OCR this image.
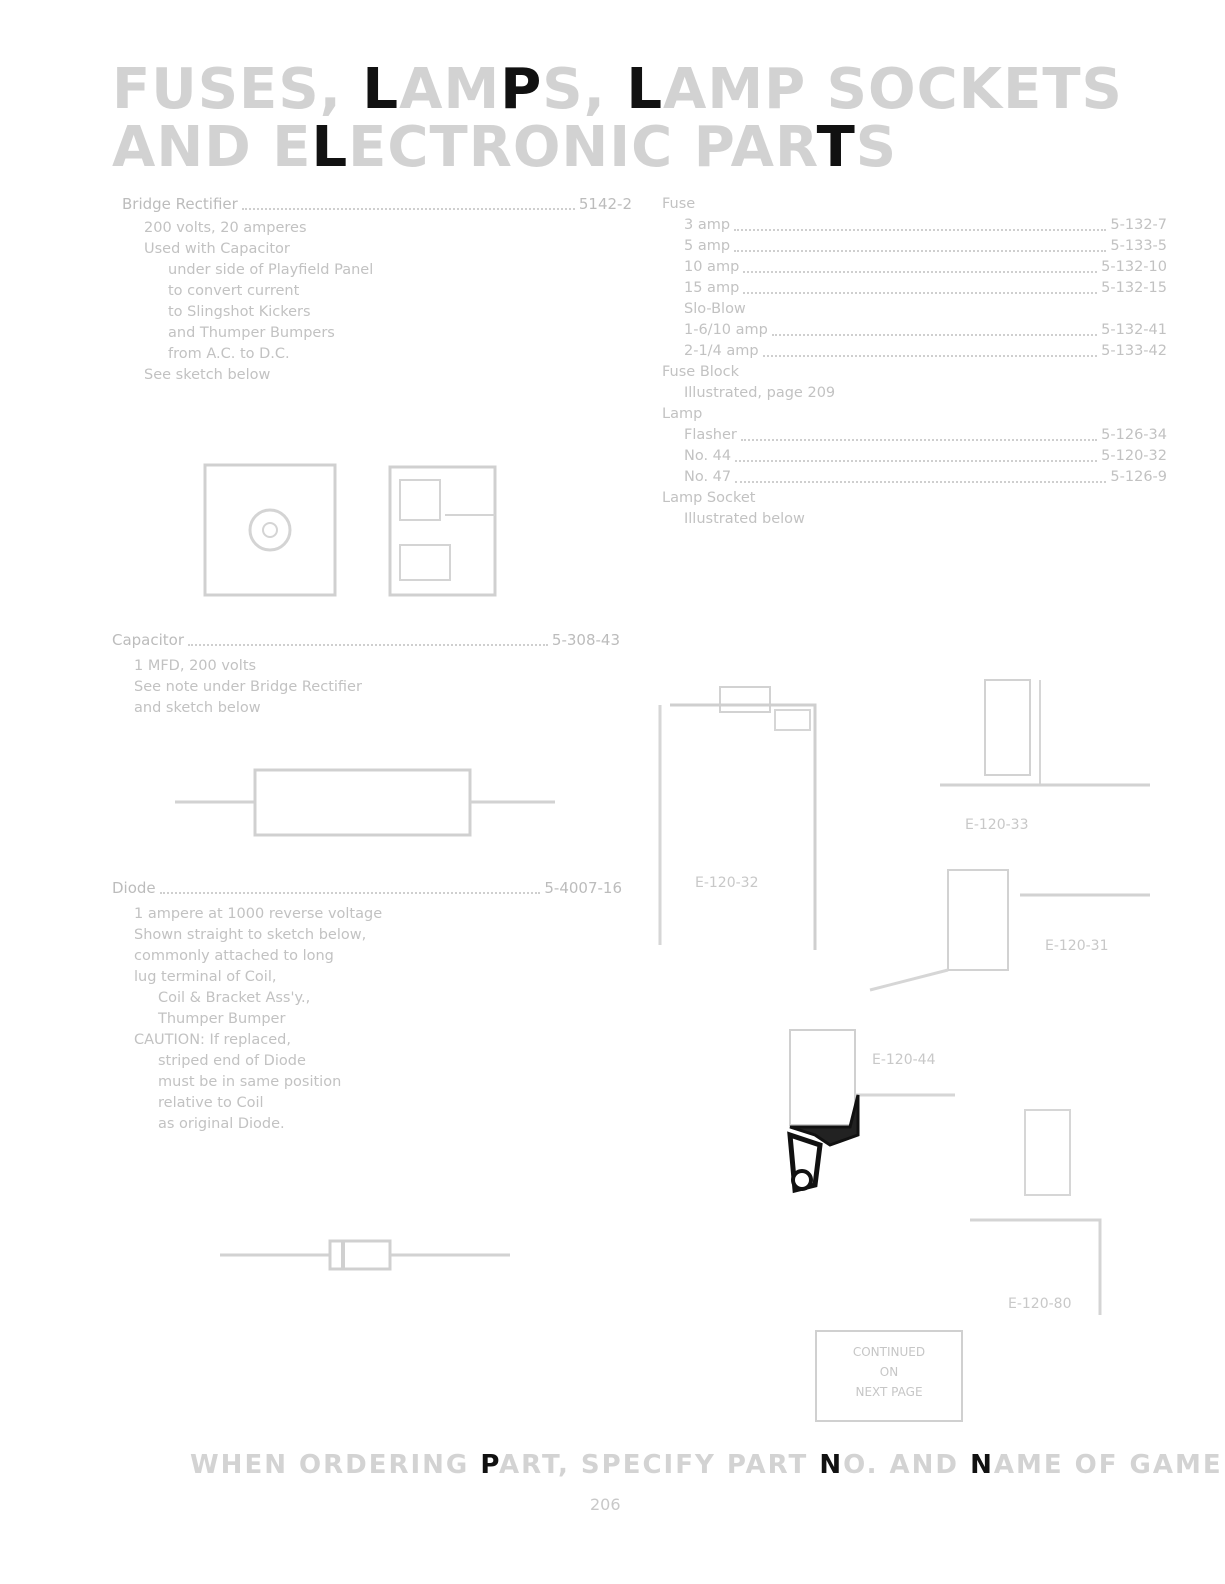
FUSES, LAMPS, LAMP SOCKETS
AND ELECTRONIC PARTS
Bridge Rectifier	5142-2
200 volts, 20 amperes
Used with Capacitor
under side of Playfield Panel
to convert current
to Slingshot Kickers
and Thumper Bumpers
from A.C. to D.C.
See sketch below
Capacitor	5-308-43
1 MFD, 200 volts
See note under Bridge Rectifier
and sketch below
Diode	5-4007-16
1 ampere at 1000 reverse voltage
Shown straight to sketch below,
commonly attached to long
lug terminal of Coil,
Coil & Bracket Ass'y.,
Thumper Bumper
CAUTION: If replaced,
striped end of Diode
must be in same position
relative to Coil
as original Diode.
Fuse
3 amp	5-132-7
5 amp	5-133-5
10 amp	5-132-10
15 amp	5-132-15
Slo-Blow
1-6/10 amp	5-132-41
2-1/4 amp	5-133-42
Fuse Block
Illustrated, page 209
Lamp
Flasher	5-126-34
No. 44	5-120-32
No. 47	5-126-9
Lamp Socket
Illustrated below
E-120-33
E-120-32
E-120-31
E-120-44
E-120-80
CONTINUED
ON
NEXT PAGE
WHEN ORDERING PART, SPECIFY PART NO. AND NAME OF GAME
206
